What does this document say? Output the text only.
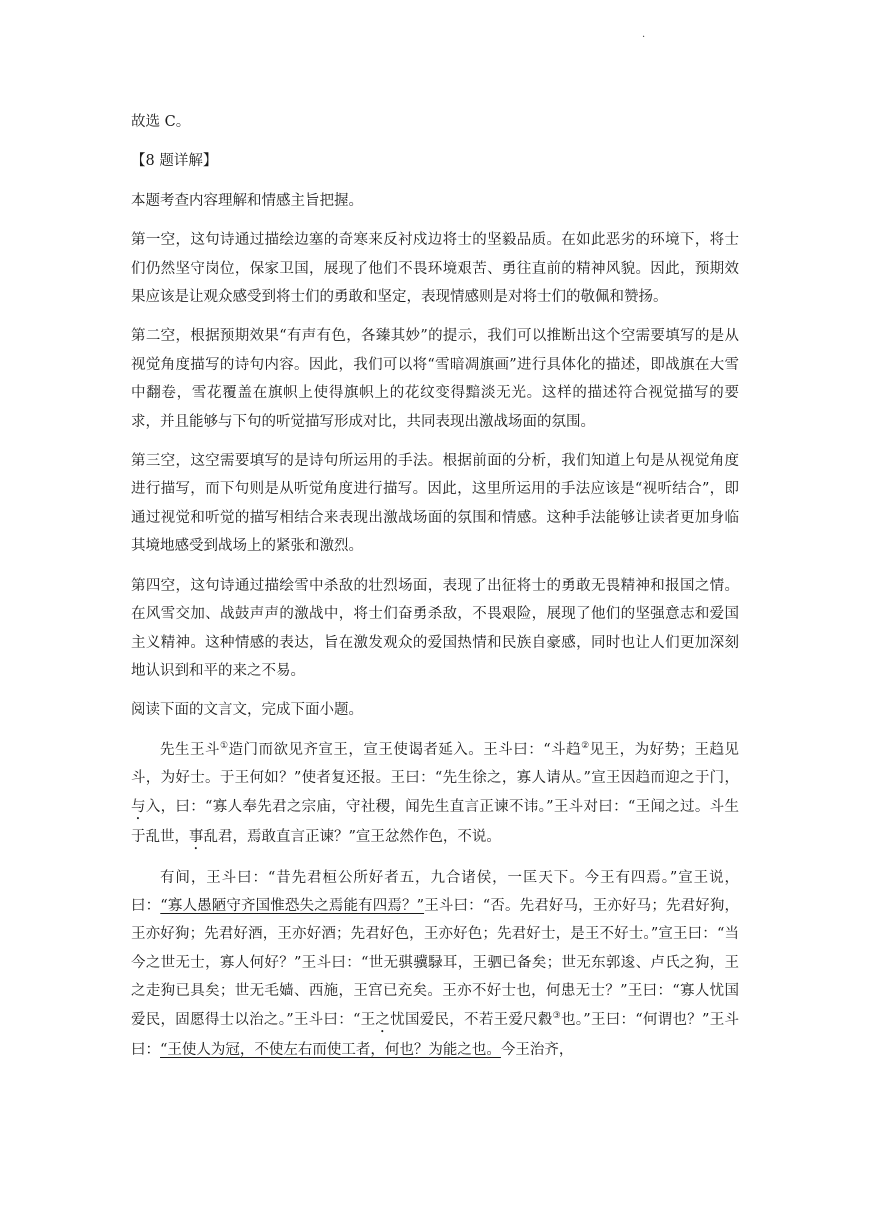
·

故选 C。

【8 题详解】

本题考查内容理解和情感主旨把握。

第一空，这句诗通过描绘边塞的奇寒来反衬戍边将士的坚毅品质。在如此恶劣的环境下，将士们仍然坚守岗位，保家卫国，展现了他们不畏环境艰苦、勇往直前的精神风貌。因此，预期效果应该是让观众感受到将士们的勇敢和坚定，表现情感则是对将士们的敬佩和赞扬。

第二空，根据预期效果“有声有色，各臻其妙”的提示，我们可以推断出这个空需要填写的是从视觉角度描写的诗句内容。因此，我们可以将“雪暗凋旗画”进行具体化的描述，即战旗在大雪中翻卷，雪花覆盖在旗帜上使得旗帜上的花纹变得黯淡无光。这样的描述符合视觉描写的要求，并且能够与下句的听觉描写形成对比，共同表现出激战场面的氛围。

第三空，这空需要填写的是诗句所运用的手法。根据前面的分析，我们知道上句是从视觉角度进行描写，而下句则是从听觉角度进行描写。因此，这里所运用的手法应该是“视听结合”，即通过视觉和听觉的描写相结合来表现出激战场面的氛围和情感。这种手法能够让读者更加身临其境地感受到战场上的紧张和激烈。

第四空，这句诗通过描绘雪中杀敌的壮烈场面，表现了出征将士的勇敢无畏精神和报国之情。在风雪交加、战鼓声声的激战中，将士们奋勇杀敌，不畏艰险，展现了他们的坚强意志和爱国主义精神。这种情感的表达，旨在激发观众的爱国热情和民族自豪感，同时也让人们更加深刻地认识到和平的来之不易。

阅读下面的文言文，完成下面小题。

先生王斗①造门而欲见齐宣王，宣王使谒者延入。王斗曰：“斗趋②见王，为好势；王趋见斗，为好士。于王何如？”使者复还报。王曰：“先生徐之，寡人请从。”宣王因趋而迎之于门，与入，曰：“寡人奉先君之宗庙，守社稷，闻先生直言正谏不讳。”王斗对曰：“王闻之过。斗生于乱世，事乱君，焉敢直言正谏？”宣王忿然作色，不说。

有间，王斗曰：“昔先君桓公所好者五，九合诸侯，一匡天下。今王有四焉。”宣王说，曰：“寡人愚陋守齐国惟恐失之焉能有四焉？”王斗曰：“否。先君好马，王亦好马；先君好狗，王亦好狗；先君好酒，王亦好酒；先君好色，王亦好色；先君好士，是王不好士。”宣王曰：“当今之世无士，寡人何好？”王斗曰：“世无骐骥騄耳，王驷已备矣；世无东郭逡、卢氏之狗，王之走狗已具矣；世无毛嫱、西施，王宫已充矣。王亦不好士也，何患无士？”王曰：“寡人忧国爱民，固愿得士以治之。”王斗曰：“王之忧国爱民，不若王爱尺縠③也。”王曰：“何谓也？”王斗曰：“王使人为冠，不使左右而使工者，何也？为能之也。今王治齐，
